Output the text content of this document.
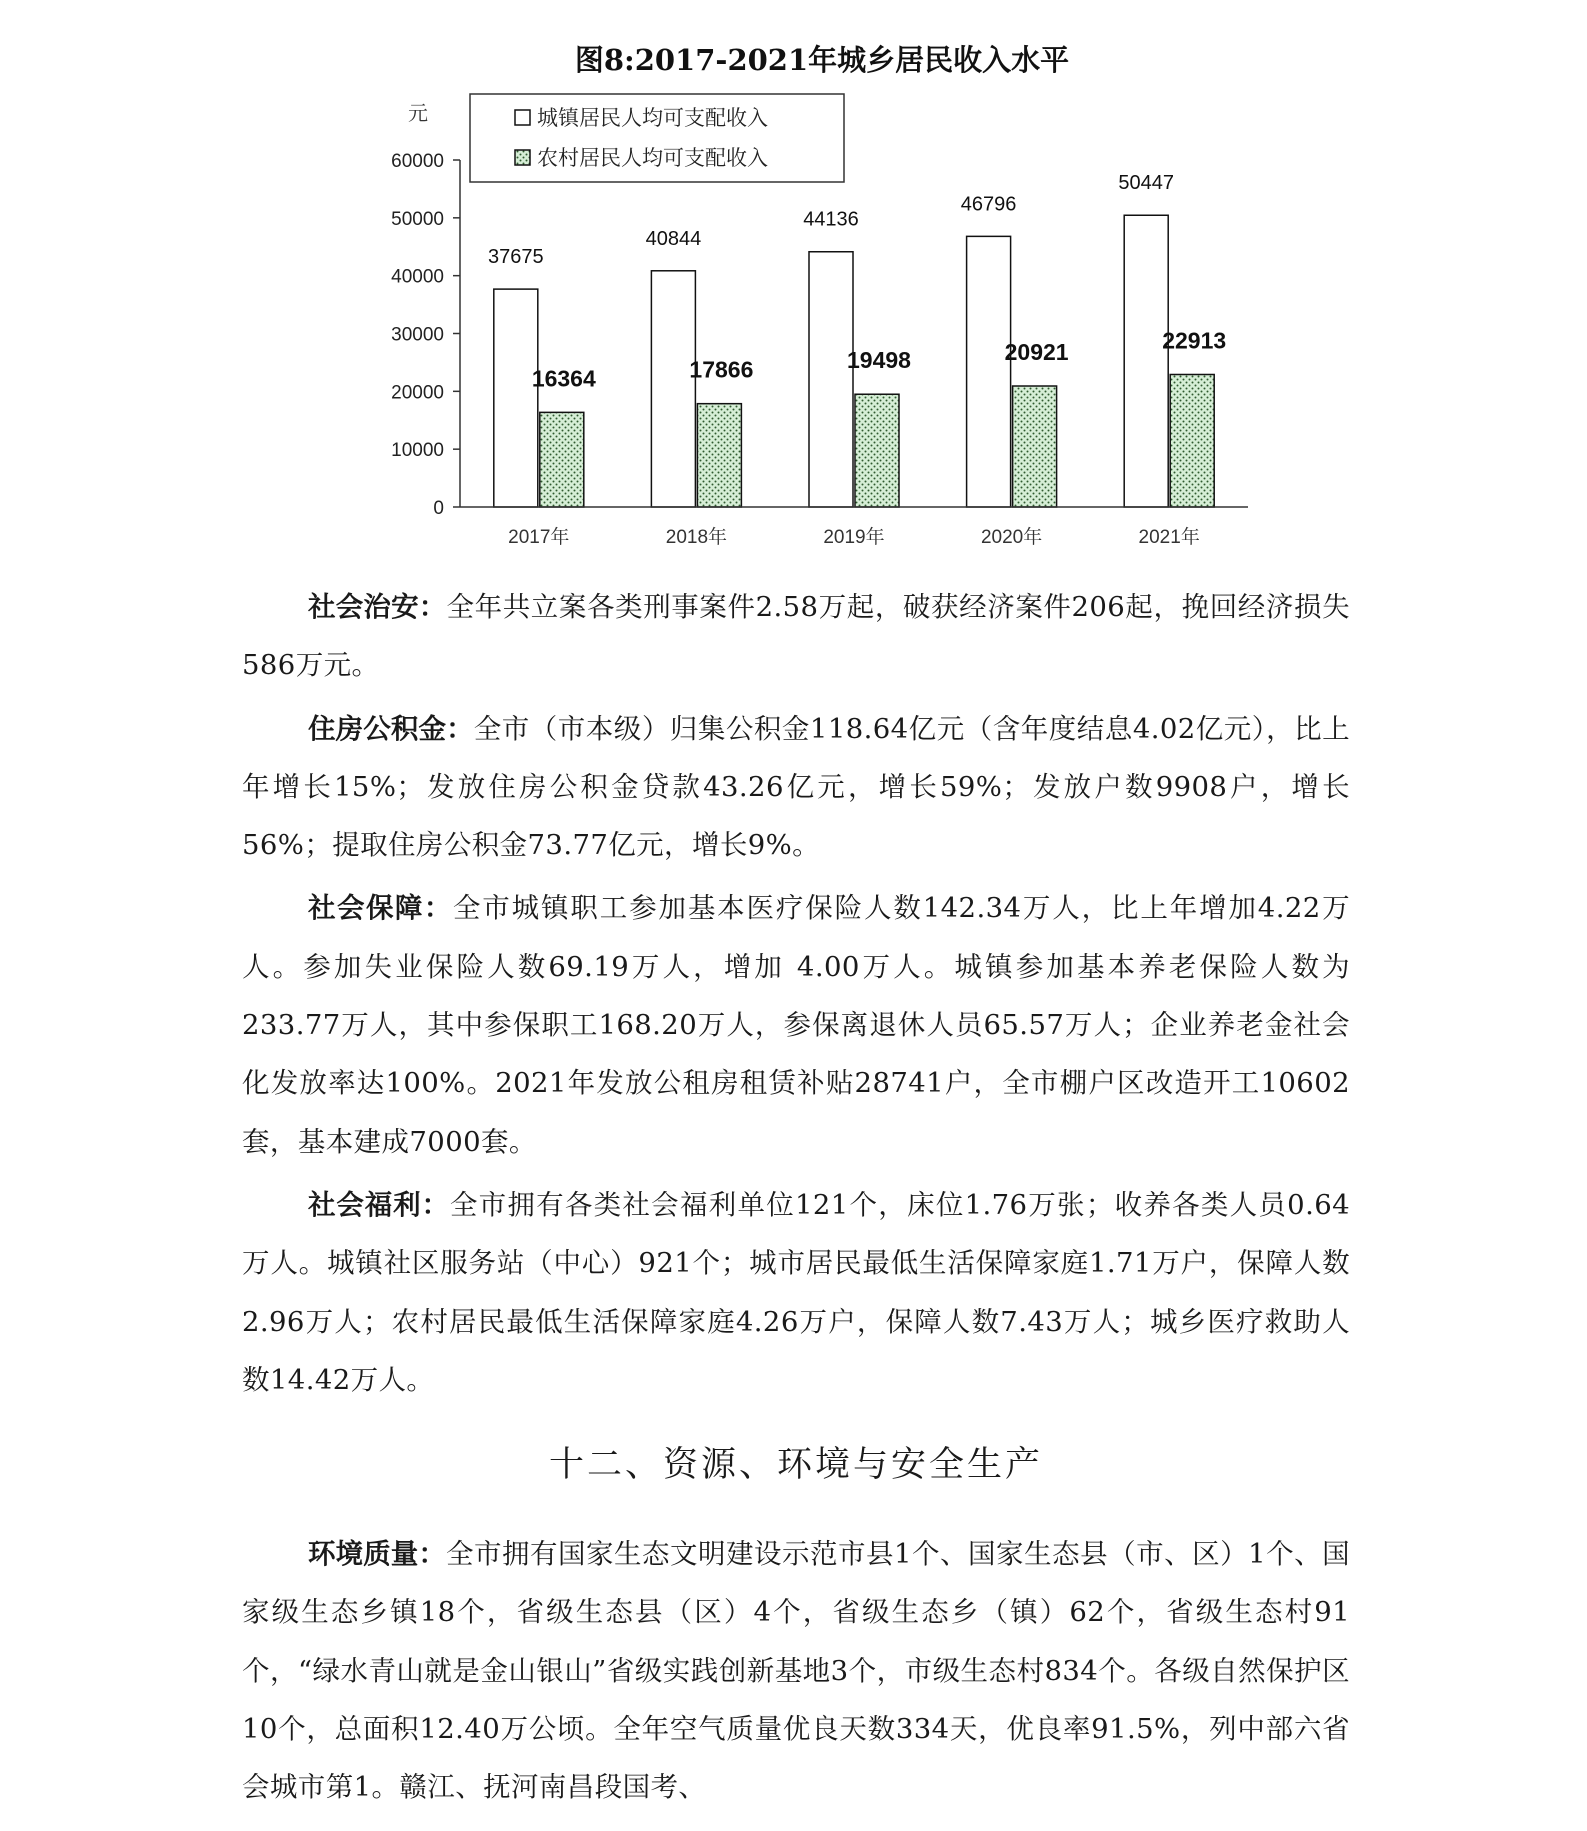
图8:2017-2021年城乡居民收入水平
元
0
10000
20000
30000
40000
50000
60000
37675
16364
2017年
40844
17866
2018年
44136
19498
2019年
46796
20921
2020年
50447
22913
2021年
城镇居民人均可支配收入
农村居民人均可支配收入

社会治安：全年共立案各类刑事案件2.58万起，破获经济案件206起，挽回经济损失586万元。

住房公积金：全市（市本级）归集公积金118.64亿元（含年度结息4.02亿元），比上年增长15%；发放住房公积金贷款43.26亿元，增长59%；发放户数9908户，增长56%；提取住房公积金73.77亿元，增长9%。

社会保障：全市城镇职工参加基本医疗保险人数142.34万人，比上年增加4.22万人。参加失业保险人数69.19万人，增加 4.00万人。城镇参加基本养老保险人数为233.77万人，其中参保职工168.20万人，参保离退休人员65.57万人；企业养老金社会化发放率达100%。2021年发放公租房租赁补贴28741户，全市棚户区改造开工10602套，基本建成7000套。

社会福利：全市拥有各类社会福利单位121个，床位1.76万张；收养各类人员0.64万人。城镇社区服务站（中心）921个；城市居民最低生活保障家庭1.71万户，保障人数2.96万人；农村居民最低生活保障家庭4.26万户，保障人数7.43万人；城乡医疗救助人数14.42万人。

十二、资源、环境与安全生产

环境质量：全市拥有国家生态文明建设示范市县1个、国家生态县（市、区）1个、国家级生态乡镇18个，省级生态县（区）4个，省级生态乡（镇）62个，省级生态村91个，“绿水青山就是金山银山”省级实践创新基地3个，市级生态村834个。各级自然保护区10个，总面积12.40万公顷。全年空气质量优良天数334天，优良率91.5%，列中部六省会城市第1。赣江、抚河南昌段国考、
